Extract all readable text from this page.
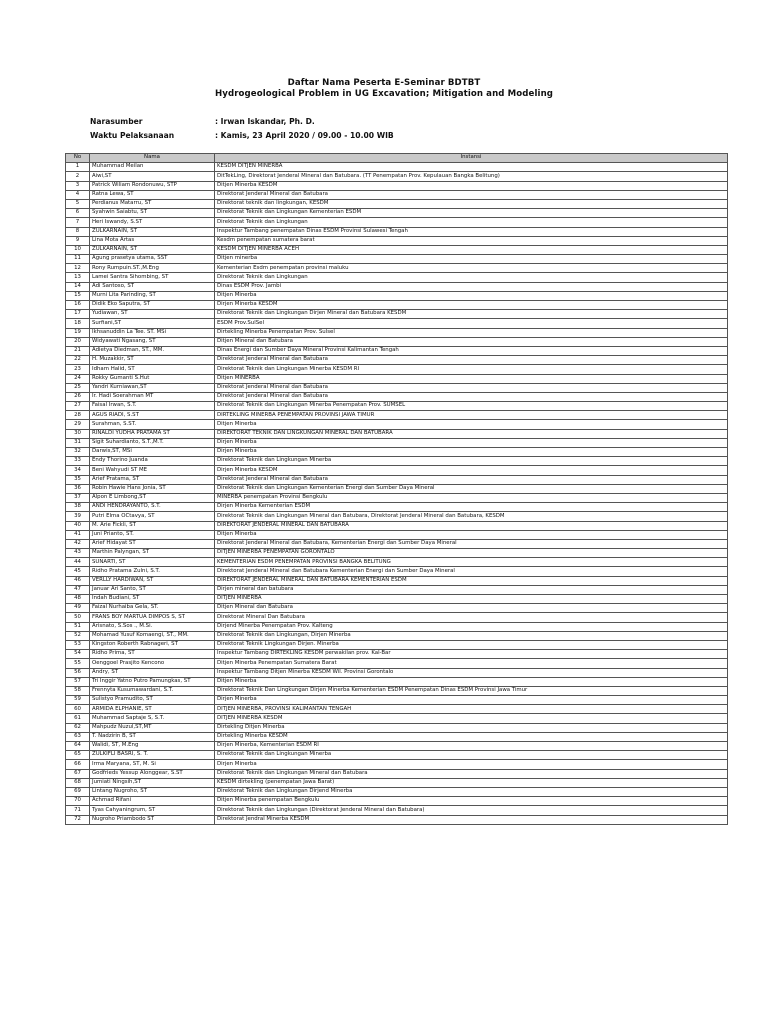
Daftar Nama Peserta E-Seminar BDTBT
Hydrogeological Problem in UG Excavation; Mitigation and Modeling
Narasumber	: Irwan Iskandar, Ph. D.
Waktu Pelaksanaan	: Kamis, 23 April 2020 / 09.00 - 10.00 WIB
No	Nama	Instansi
1	Muhammad Meilan	KESDM DITJEN MINERBA
2	Aiwi,ST	DitTekLing, Direktorat Jenderal Mineral dan Batubara. (TT Penempatan Prov. Kepulauan Bangka Belitung)
3	Patrick Wiliam Rondonuwu, STP	Ditjen Minerba KESDM
4	Ratna Lewa, ST	Direktorat Jenderal Mineral dan Batubara
5	Perdianus Matarru, ST	Direktorat teknik dan lingkungan, KESDM
6	Syahwin Saiabtu, ST	Direktorat Teknik dan Lingkungan Kementerian ESDM
7	Heri Iswandy, S.ST	Direktorat Teknik dan Lingkungan
8	ZULKARNAIN, ST	Inspektur Tambang penempatan Dinas ESDM Provinsi Sulawesi Tengah
9	Lina Mota Artas	Kesdm penempatan sumatera barat
10	ZULKARNAIN, ST	KESDM DITJEN MINERBA ACEH
11	Agung prasetya utama, SST	Ditjen minerba
12	Rony Rumpuin.ST.,M.Eng	Kementerian Esdm penempatan provinsi maluku
13	Lamei Santra Sihombing, ST	Direktorat Teknik dan Lingkungan
14	Adi Santoso, ST	Dinas ESDM Prov. Jambi
15	Murni Lita Parinding, ST	Ditjen Minerba
16	Didik Eko Saputra, ST	Dirjen Minerba KESDM
17	Yudiawan, ST	Direktorat Teknik dan Lingkungan Dirjen Mineral dan Batubara KESDM
18	Surfiani,ST	ESDM Prov.SulSel
19	Ikhsanuddin La Tee. ST. MSi	Dirtekling Minerba Penempatan Prov. Sulsel
20	Widyawati Ngasang, ST	Ditjen Mineral dan Batubara
21	Adietya Diedman, ST., MM.	Dinas Energi dan Sumber Daya Mineral Provinsi Kalimantan Tengah
22	H. Muzakkir, ST	Direktorat Jenderal Mineral dan Batubara
23	Idham Halid, ST	Direktorat Teknik dan Lingkungan Minerba KESDM RI
24	Rokky Gumanti S.Hut	Ditjen MINERBA
25	Yandri Kurniawan,ST	Direktorat Jenderal Mineral dan Batubara
26	Ir. Hadi Soerahman MT	Direktorat Jenderal Mineral dan Batubara
27	Faisal Irwan, S.T.	Direktorat Teknik dan Lingkungan Minerba Penempatan Prov. SUMSEL
28	AGUS RIADI, S.ST	DIRTEKLING MINERBA PENEMPATAN PROVINSI JAWA TIMUR
29	Surahman, S.ST.	Ditjen Minerba
30	RINALDI YUDHA PRATAMA ST	DIREKTORAT TEKNIK DAN LINGKUNGAN MINERAL DAN BATUBARA
31	Sigit Suhardianto, S.T.,M.T.	Dirjen Minerba
32	Darwis,ST, MSi	Dirjen Minerba
33	Endy Thorino Juanda	Direktorat Teknik dan Lingkungan Minerba
34	Beni Wahyudi ST ME	Dirjen Minerba KESDM
35	Arief Pratama, ST	Direktorat Jenderal Mineral dan Batubara
36	Robin Hawie Hans Jonia, ST	Direktorat Teknik dan Lingkungan Kementerian Energi dan Sumber Daya Mineral
37	Alpon E Limbong,ST	MINERBA penempatan Provinsi Bengkulu
38	ANDI HENDRAYANTO, S.T.	Dirjen Minerba Kementerian ESDM
39	Putri Elma OCtavya, ST	Direktorat Teknik dan Lingkungan Mineral dan Batubara, Direktorat Jenderal Mineral dan Batubara, KESDM
40	M. Arie Fickli, ST	DIREKTORAT JENDERAL MINERAL DAN BATUBARA
41	Juni Prianto, ST.	Ditjen Minerba
42	Arief Hidayat ST	Direktorat Jenderal Mineral dan Batubara, Kementerian Energi dan Sumber Daya Mineral
43	Marthin Palyngan, ST	DITJEN MINERBA PENEMPATAN GORONTALO
44	SUNARTI, ST	KEMENTERIAN ESDM PENEMPATAN PROVINSI BANGKA BELITUNG
45	Ridho Pratama Zulni, S.T.	Direktorat Jenderal Mineral dan Batubara Kementerian Energi dan Sumber Daya Mineral
46	VERLLY HARDIWAN, ST	DIREKTORAT JENDERAL MINERAL DAN BATUBARA KEMENTERIAN ESDM
47	Januar Ari Santo, ST	Dirjen mineral dan batubara
48	Indah Budiani, ST	DITJEN MINERBA
49	Faizal Nurhaiba Gela, ST.	Ditjen Mineral dan Batubara
50	FRANS BOY MARTUA DIMPOS S, ST	Direktorat Mineral Dan Batubara
51	Arisnato, S.Sos ., M.Si.	Dirjend Minerba Penempatan Prov. Kalteng
52	Mohamad Yusuf Komaengi, ST., MM.	Direktorat Teknik dan Lingkungan, Dirjen Minerba
53	Kingston Roberth Rabnageri, ST	Direktorat Teknik Lingkungan Dirjen. Minerba
54	Ridho Prima, ST	Inspektur Tambang DIRTEKLING KESDM perwakilan prov. Kal-Bar
55	Oenggoel Prasjito Kencono	Ditjen Minerba Penempatan Sumatera Barat
56	Andry, ST	Inspektur Tambang Ditjen Minerba KESDM Wil. Provinsi Gorontalo
57	Tri Inggir Yatno Putro Pamungkas, ST	Ditjen Minerba
58	Frennyta Kusumawardani, S.T.	Direktorat Teknik Dan Lingkungan Dirjen Minerba Kementerian ESDM Penempatan Dinas ESDM Provinsi Jawa Timur
59	Sulistyo Pramudito, ST	Dirjen Minerba
60	ARMIDA ELPHANIE, ST	DITJEN MINERBA, PROVINSI KALIMANTAN TENGAH
61	Muhammad Saptaje S, S.T.	DITJEN MINERBA KESDM
62	Mahpudz Nuzul,ST,MT	Dirtekling Ditjen Minerba
63	T. Nadzirin B, ST	Dirtekling Minerba KESDM
64	Walidi, ST, M.Eng	Dirjen Minerba, Kementerian ESDM RI
65	ZULKIFLI BASRI, S. T.	Direktorat Teknik dan Lingkungan Minerba
66	Irma Maryana, ST, M. Si	Dirjen Minerba
67	Godfrieds Yessup Alonggear, S.ST	Direktorat Teknik dan Lingkungan Mineral dan Batubara
68	Jumiati Ningsih,ST	KESDM dirtekling (penempatan Jawa Barat)
69	Lintang Nugroho, ST	Direktorat Teknik dan Lingkungan Dirjend Minerba
70	Achmad Rifani	Ditjen Minerba penempatan Bengkulu
71	Tyas Cahyaningrum, ST	Direktorat Teknik dan Lingkungan (Direktorat Jenderal Mineral dan Batubara)
72	Nugroho Priambodo ST	Direktorat Jendral Minerba KESDM
